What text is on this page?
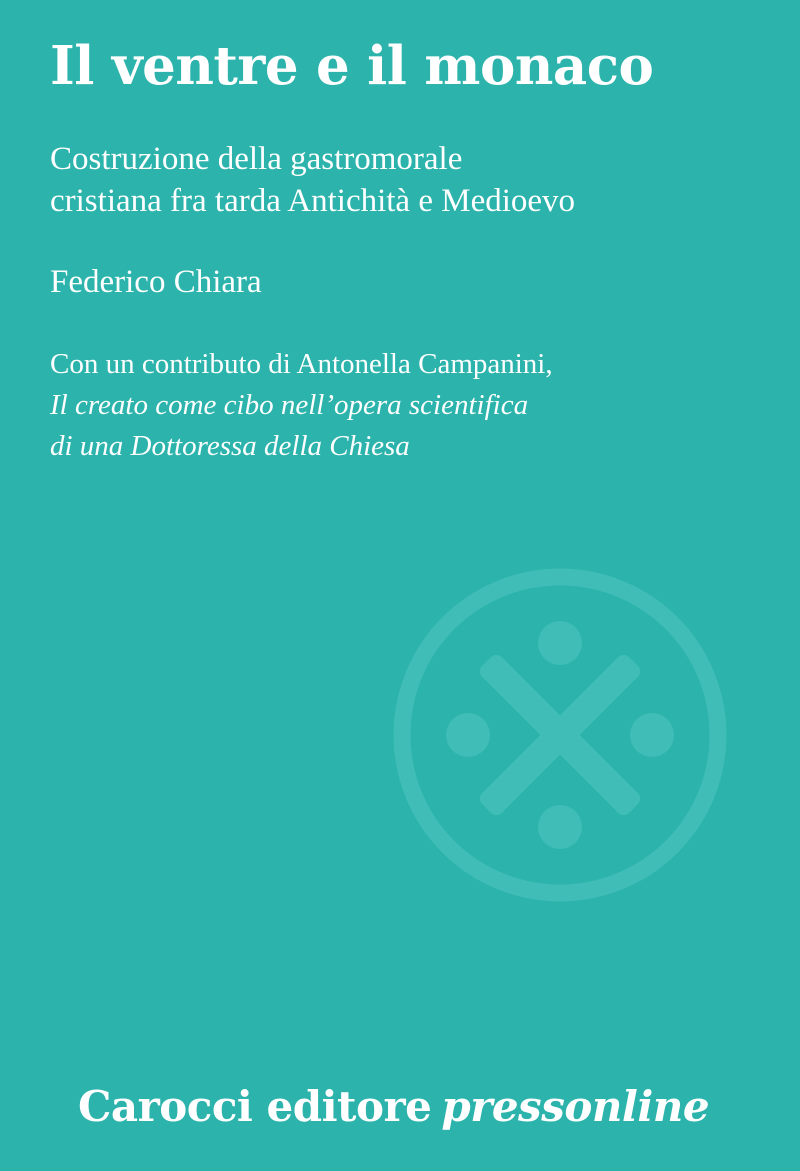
Il ventre e il monaco
Costruzione della gastromorale
cristiana fra tarda Antichità e Medioevo
Federico Chiara
Con un contributo di Antonella Campanini,
Il creato come cibo nell’opera scientifica
di una Dottoressa della Chiesa
Carocci editore pressonline
